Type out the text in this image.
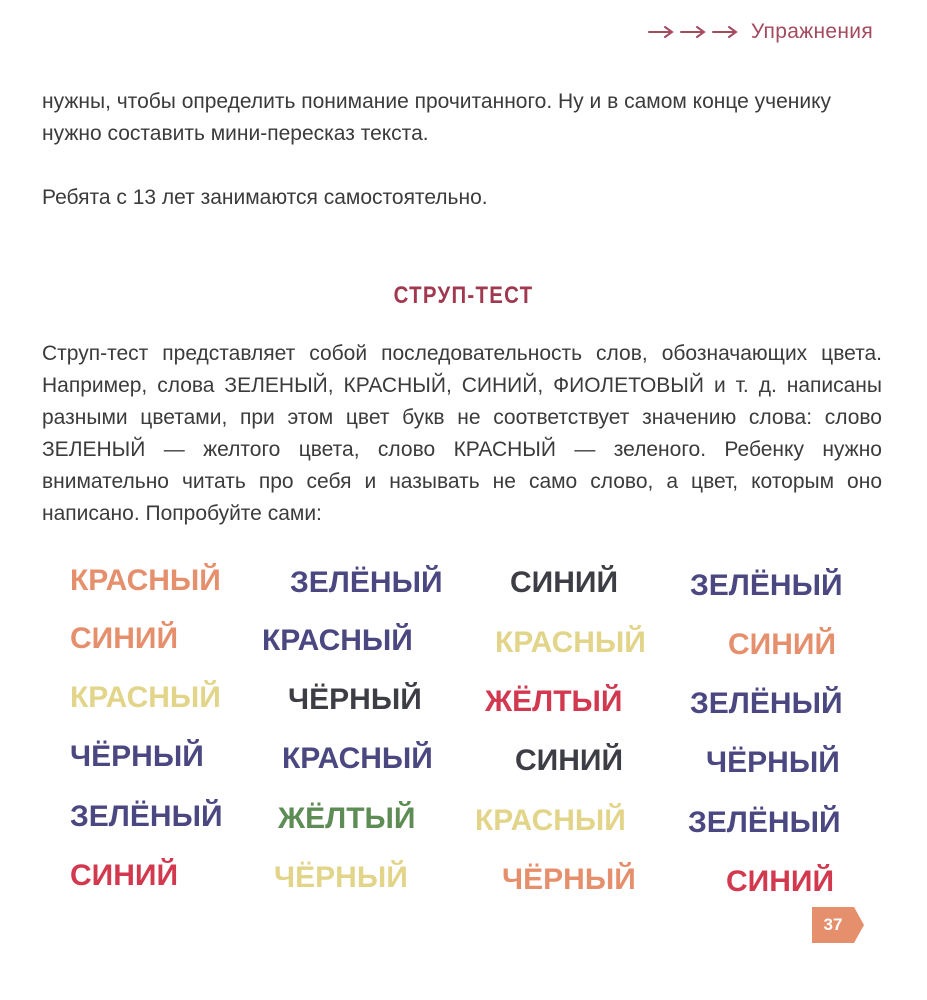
Упражнения

нужны, чтобы определить понимание прочитанного. Ну и в самом конце ученику нужно составить мини-пересказ текста.

Ребята с 13 лет занимаются самостоятельно.

СТРУП-ТЕСТ

Струп-тест представляет собой последовательность слов, обозначающих цвета. Например, слова ЗЕЛЕНЫЙ, КРАСНЫЙ, СИНИЙ, ФИОЛЕТОВЫЙ и т. д. написаны разными цветами, при этом цвет букв не соответствует значению слова: слово ЗЕЛЕНЫЙ — желтого цвета, слово КРАСНЫЙ — зеленого. Ребенку нужно внимательно читать про себя и называть не само слово, а цвет, которым оно написано. Попробуйте сами:

КРАСНЫЙ ЗЕЛЁНЫЙ СИНИЙ ЗЕЛЁНЫЙ
СИНИЙ	КРАСНЫЙ	КРАСНЫЙ	СИНИЙ
КРАСНЫЙ ЧЁРНЫЙ ЖЁЛТЫЙ ЗЕЛЁНЫЙ
ЧЁРНЫЙ	КРАСНЫЙ	СИНИЙ	ЧЁРНЫЙ
ЗЕЛЁНЫЙ ЖЁЛТЫЙ КРАСНЫЙ ЗЕЛЁНЫЙ
СИНИЙ	ЧЁРНЫЙ	ЧЁРНЫЙ	СИНИЙ
37
